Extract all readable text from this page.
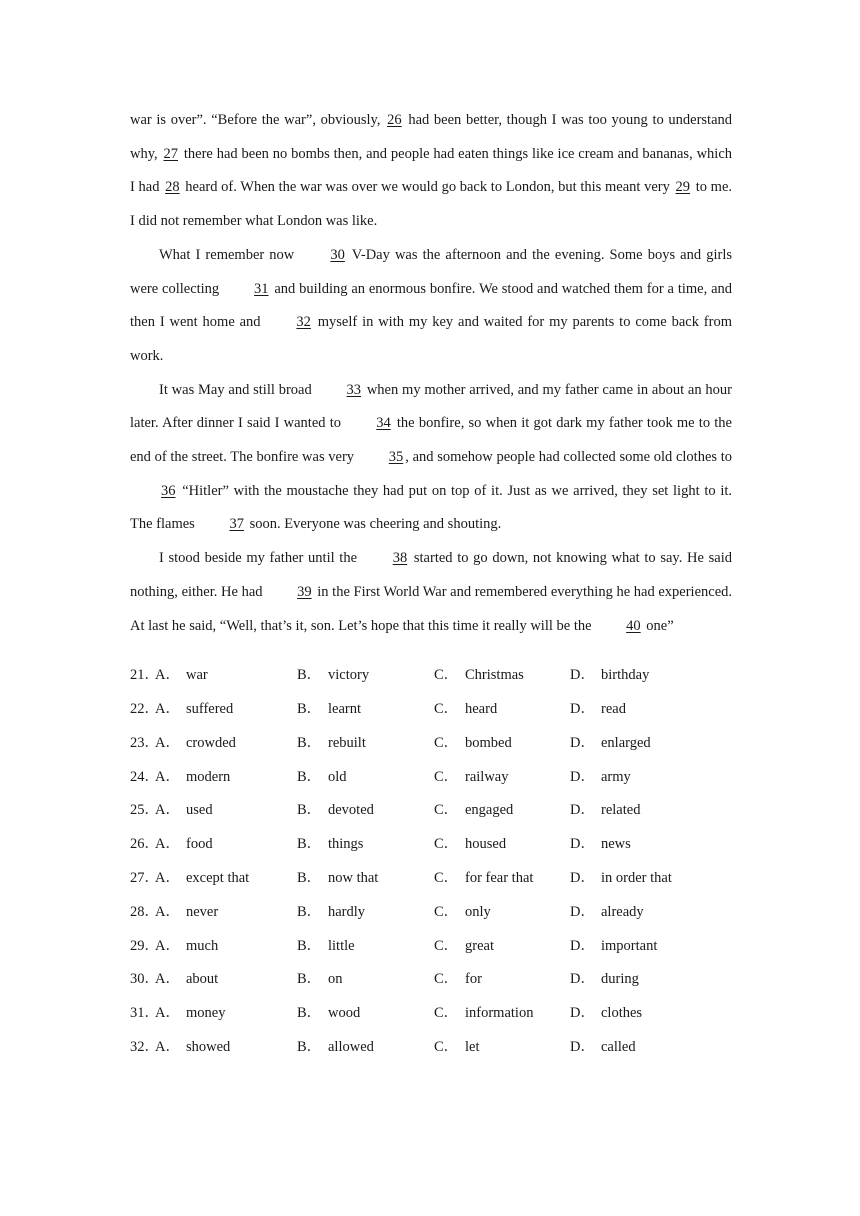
war is over”. “Before the war”, obviously, 26 had been better, though I was too young to understand why, 27 there had been no bombs then, and people had eaten things like ice cream and bananas, which I had 28 heard of. When the war was over we would go back to London, but this meant very 29 to me. I did not remember what London was like.

What I remember now 30 V-Day was the afternoon and the evening. Some boys and girls were collecting 31 and building an enormous bonfire. We stood and watched them for a time, and then I went home and 32 myself in with my key and waited for my parents to come back from work.

It was May and still broad 33 when my mother arrived, and my father came in about an hour later. After dinner I said I wanted to 34 the bonfire, so when it got dark my father took me to the end of the street. The bonfire was very 35 , and somehow people had collected some old clothes to 36 “Hitler” with the moustache they had put on top of it. Just as we arrived, they set light to it. The flames 37 soon. Everyone was cheering and shouting.

I stood beside my father until the 38 started to go down, not knowing what to say. He said nothing, either. He had 39 in the First World War and remembered everything he had experienced. At last he said, “Well, that’s it, son. Let’s hope that this time it really will be the 40 one”

21．
A． war	B． victory	C． Christmas	D． birthday
22．
A． suffered	B． learnt	C． heard	D． read
23．
A． crowded	B． rebuilt	C． bombed	D． enlarged
24．
A． modern	B． old	C． railway	D． army
25．
A． used	B． devoted	C． engaged	D． related
26．
A． food	B． things	C． housed	D． news
27．
A． except that	B． now that	C． for fear that	D． in order that
28．
A． never	B． hardly	C． only	D． already
29．
A． much	B． little	C． great	D． important
30．
A． about	B． on	C． for	D． during
31．
A． money	B． wood	C． information	D． clothes
32．
A． showed	B． allowed	C． let	D． called
